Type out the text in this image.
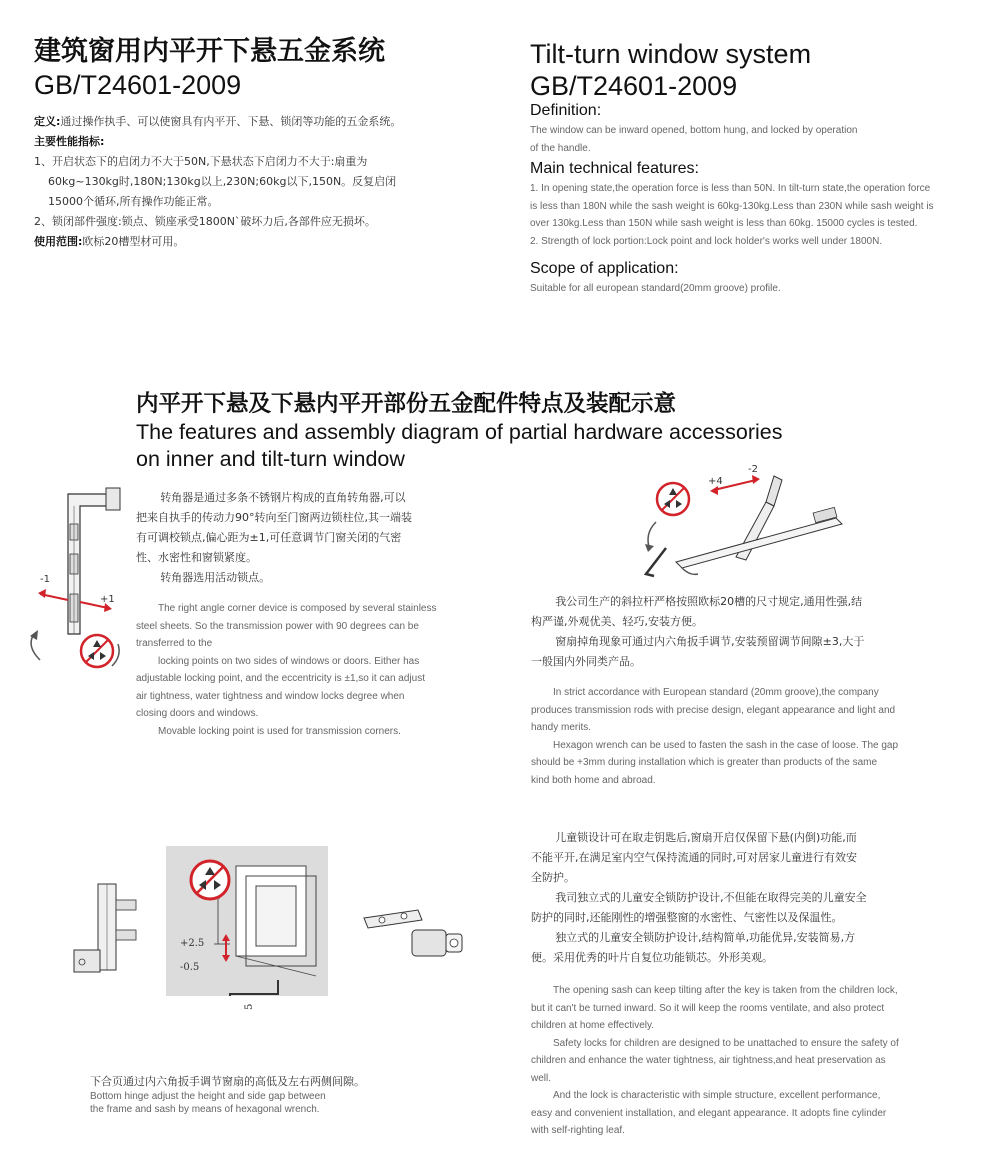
建筑窗用内平开下悬五金系统
GB/T24601-2009

定义:通过操作执手、可以使窗具有内平开、下悬、锁闭等功能的五金系统。

主要性能指标:

1、开启状态下的启闭力不大于50N,下悬状态下启闭力不大于:扇重为

60kg~130kg时,180N;130kg以上,230N;60kg以下,150N。反复启闭

15000个循环,所有操作功能正常。

2、锁闭部件强度:锁点、锁座承受1800N`破坏力后,各部件应无损坏。

使用范围:欧标20槽型材可用。

Tilt-turn window system
GB/T24601-2009
Definition:
The window can be inward opened, bottom hung, and locked by operation
of the handle.
Main technical features:
1. In opening state,the operation force is less than 50N. In tilt-turn state,the operation force
is less than 180N while the sash weight is 60kg-130kg.Less than 230N while sash weight is
over 130kg.Less than 150N while sash weight is less than 60kg. 15000 cycles is tested.
2. Strength of lock portion:Lock point and lock holder's works well under 1800N.
Scope of application:
Suitable for all european standard(20mm groove) profile.
内平开下悬及下悬内平开部份五金配件特点及装配示意
The features and assembly diagram of partial hardware accessories
on inner and tilt-turn window
-1
+1
转角器是通过多条不锈钢片构成的直角转角器,可以
把来自执手的传动力90°转向至门窗两边锁柱位,其一端装
有可调校锁点,偏心距为±1,可任意调节门窗关闭的气密
性、水密性和窗锁紧度。
转角器选用活动锁点。
The right angle corner device is composed by several stainless
steel sheets. So the transmission power with 90 degrees can be
transferred to the
locking points on two sides of windows or doors. Either has
adjustable locking point, and the eccentricity is ±1,so it can adjust
air tightness, water tightness and window locks degree when
closing doors and windows.
Movable locking point is used for transmission corners.
+4
-2
我公司生产的斜拉杆严格按照欧标20槽的尺寸规定,通用性强,结
构严谨,外观优美、轻巧,安装方便。
窗扇掉角现象可通过内六角扳手调节,安装预留调节间隙±3,大于
一般国内外同类产品。
In strict accordance with European standard (20mm groove),the company
produces transmission rods with precise design, elegant appearance and light and
handy merits.
Hexagon wrench can be used to fasten the sash in the case of loose. The gap
should be +3mm during installation which is greater than products of the same
kind both home and abroad.
+2.5
-0.5
5
下合页通过内六角扳手调节窗扇的高低及左右两侧间隙。
Bottom hinge adjust the height and side gap between
the frame and sash by means of hexagonal wrench.
儿童锁设计可在取走钥匙后,窗扇开启仅保留下悬(内倒)功能,而
不能平开,在满足室内空气保持流通的同时,可对居家儿童进行有效安
全防护。
我司独立式的儿童安全锁防护设计,不但能在取得完美的儿童安全
防护的同时,还能刚性的增强整窗的水密性、气密性以及保温性。
独立式的儿童安全锁防护设计,结构简单,功能优异,安装简易,方
便。采用优秀的叶片自复位功能锁芯。外形美观。
The opening sash can keep tilting after the key is taken from the children lock,
but it can't be turned inward. So it will keep the rooms ventilate, and also protect
children at home effectively.
Safety locks for children are designed to be unattached to ensure the safety of
children and enhance the water tightness, air tightness,and heat preservation as
well.
And the lock is characteristic with simple structure, excellent performance,
easy and convenient installation, and elegant appearance. It adopts fine cylinder
with self-righting leaf.
